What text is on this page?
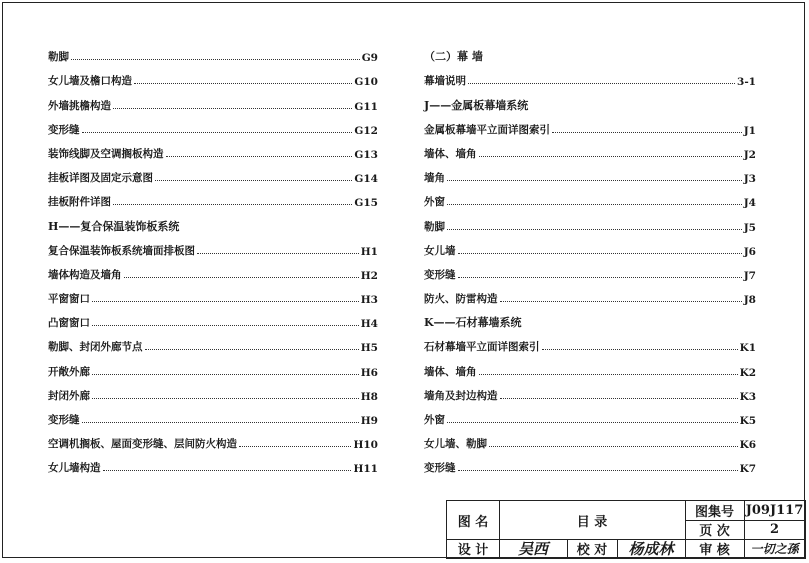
勒脚	G9
女儿墙及檐口构造	G10
外墙挑檐构造	G11
变形缝	G12
装饰线脚及空调搁板构造	G13
挂板详图及固定示意图	G14
挂板附件详图	G15
H——复合保温装饰板系统
复合保温装饰板系统墙面排板图	H1
墙体构造及墙角	H2
平窗窗口	H3
凸窗窗口	H4
勒脚、封闭外廊节点	H5
开敞外廊	H6
封闭外廊	H8
变形缝	H9
空调机搁板、屋面变形缝、层间防火构造	H10
女儿墙构造	H11
（二）幕 墙
幕墙说明	3-1
J——金属板幕墙系统
金属板幕墙平立面详图索引	J1
墙体、墙角	J2
墙角	J3
外窗	J4
勒脚	J5
女儿墙	J6
变形缝	J7
防火、防雷构造	J8
K——石材幕墙系统
石材幕墙平立面详图索引	K1
墙体、墙角	K2
墙角及封边构造	K3
外窗	K5
女儿墙、勒脚	K6
变形缝	K7
图 名	目 录
图集号 J09J117
页 次	2
设 计	吴西	校 对	杨成林	审 核	一切之孫
